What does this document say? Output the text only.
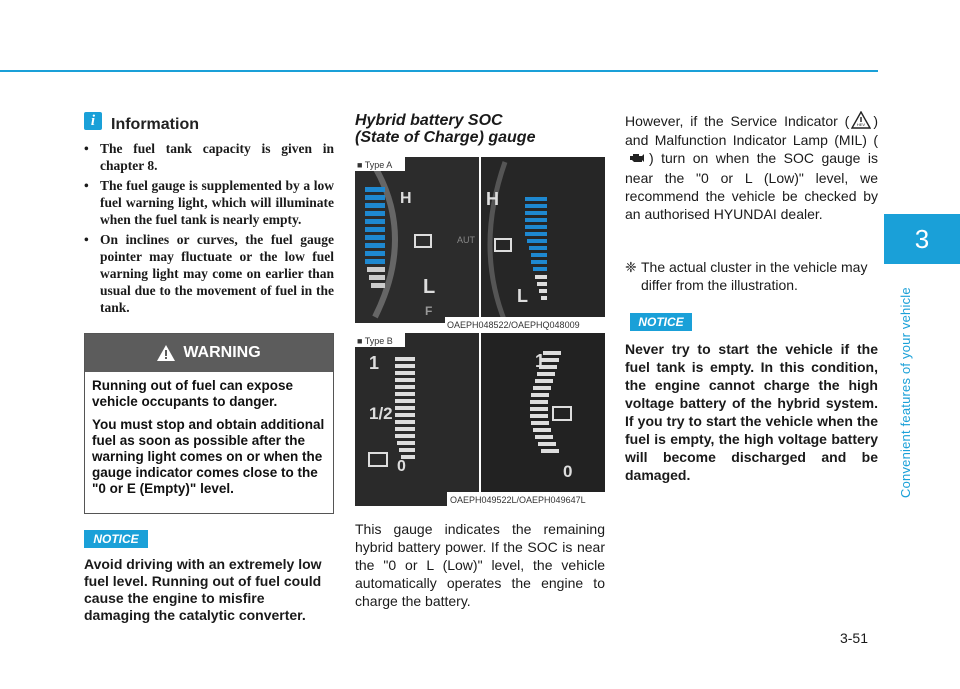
3
Convenient features of your vehicle
i Information
• The fuel tank capacity is given in chapter 8.
• The fuel gauge is supplemented by a low fuel warning light, which will illuminate when the fuel tank is nearly empty.
• On inclines or curves, the fuel gauge pointer may fluctuate or the low fuel warning light may come on earlier than usual due to the movement of fuel in the tank.
WARNING

Running out of fuel can expose vehicle occupants to danger.

You must stop and obtain additional fuel as soon as possible after the warning light comes on or when the gauge indicator comes close to the "0 or E (Empty)" level.

NOTICE
Avoid driving with an extremely low fuel level. Running out of fuel could cause the engine to misfire damaging the catalytic converter.
Hybrid battery SOC
(State of Charge) gauge
H
L
F
AUT
H
L
■ Type A
OAEPH048522/OAEPHQ048009
■ Type B
1
1/2
0
1
0
OAEPH049522L/OAEPH049647L
This gauge indicates the remaining hybrid battery power. If the SOC is near the "0 or L (Low)" level, the vehicle automatically operates the engine to charge the battery.
However, if the Service Indicator ( HEV ) and Malfunction Indicator Lamp (MIL) () turn on when the SOC gauge is near the "0 or L (Low)" level, we recommend the vehicle be checked by an authorised HYUNDAI dealer.
❈ The actual cluster in the vehicle may differ from the illustration.
NOTICE
Never try to start the vehicle if the fuel tank is empty. In this condition, the engine cannot charge the high voltage battery of the hybrid system. If you try to start the vehicle when the fuel is empty, the high voltage battery will become discharged and be damaged.
3-51
